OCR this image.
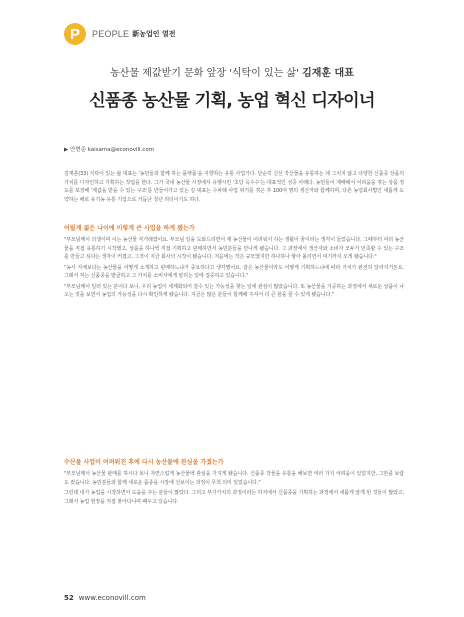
P	PEOPLE 新농업인 열전
농산물 제값받기 문화 앞장 '식탁이 있는 삶' 김재훈 대표
신품종 농산물 기획, 농업 혁신 디자이너
▶ 안현준 kaisama@econovill.com

김재훈(33) 식탁이 있는 삶 대표는 '농민들과 함께 하는 플랫폼'을 지향하는 유통 사업가다. 단순히 신선 작산물을 유통하는 데 그치지 않고 다양한 신품종 상품의 가치를 디자인하고 기획하는 작업을 한다. 그가 국내 농산물 시장에서 유행시킨 '초당 옥수수'는 대표적인 성공 사례다. 농민들이 재배해서 어려움을 겪는 상품 정도를 포장해 '제값을 받을 수 있는 구조'를 만들어가고 있는 김 대표는 수차례 사업 위기를 겪은 후 100여 명의 생산자와 함께하며, 다른 농업회사법인 새롭게 도약하는 해로 유기농 유통 기업으로 거듭난 청년 리더이기도 하다.

어릴게 젊은 나이에 이렇게 큰 사업을 하게 됐는가

"부모님께서 의생이며 이는 농산물 직거래였어요. 부모님 일을 도와드리면서 제 농산물이 어려워서 하는 생활이 꿈이라는 생각이 들었습니다. 그때부터 여러 농산물을 직접 유통하기 시작했고, 상품을 하나씩 직접 기획하고 판매하면서 농민분들을 만나게 됐습니다. 그 과정에서 생산자와 소비자 모두가 만족할 수 있는 구조를 만들고 싶다는 생각이 커졌고, 그것이 지금 회사의 시작이 됐습니다. 처음에는 작은 규모였지만 하나하나 쌓아 올리면서 여기까지 오게 됐습니다."

"농사 자체보다는 농산물을 어떻게 소개하고 판매하느냐가 중요하다고 생각했어요. 같은 농산물이라도 어떻게 기획하느냐에 따라 가치가 완전히 달라지거든요. 그래서 저는 신품종을 발굴하고 그 가치를 소비자에게 알리는 일에 집중하고 있습니다."

"부모님께서 일러 있는 분이다 보니, 우리 농업이 세계화되어 갈수 있는 가능성을 찾는 일에 관심이 많았습니다. 또 농산물을 가공하는 과정에서 새로운 상품이 나오는 것을 보면서 농업의 가능성을 다시 확인하게 됐습니다. 지금은 많은 분들이 함께해 주셔서 더 큰 꿈을 꿀 수 있게 됐습니다."

수산물 사업이 어려워진 후에 다시 농산물에 관심을 가졌는가

"부모님께서 농산물 판매를 하시다 보니 자연스럽게 농산물에 관심을 가지게 됐습니다. 신품종 작물을 유통을 해보면 여러 가지 어려움이 있었지만, 그만큼 보람도 컸습니다. 농민분들과 함께 새로운 품종을 시장에 선보이는 과정이 무척 의미 있었습니다."

그런데 내가 농업을 시작하면서 도움을 주는 분들이 많았다. 그리고 부가가치의 과정이라는 하지에서 신품종을 기획하는 과정에서 새롭게 알게 된 것들이 많았고, 그래서 농업 현장을 직접 찾아다니며 배우고 있습니다.

52 www.econovill.com
